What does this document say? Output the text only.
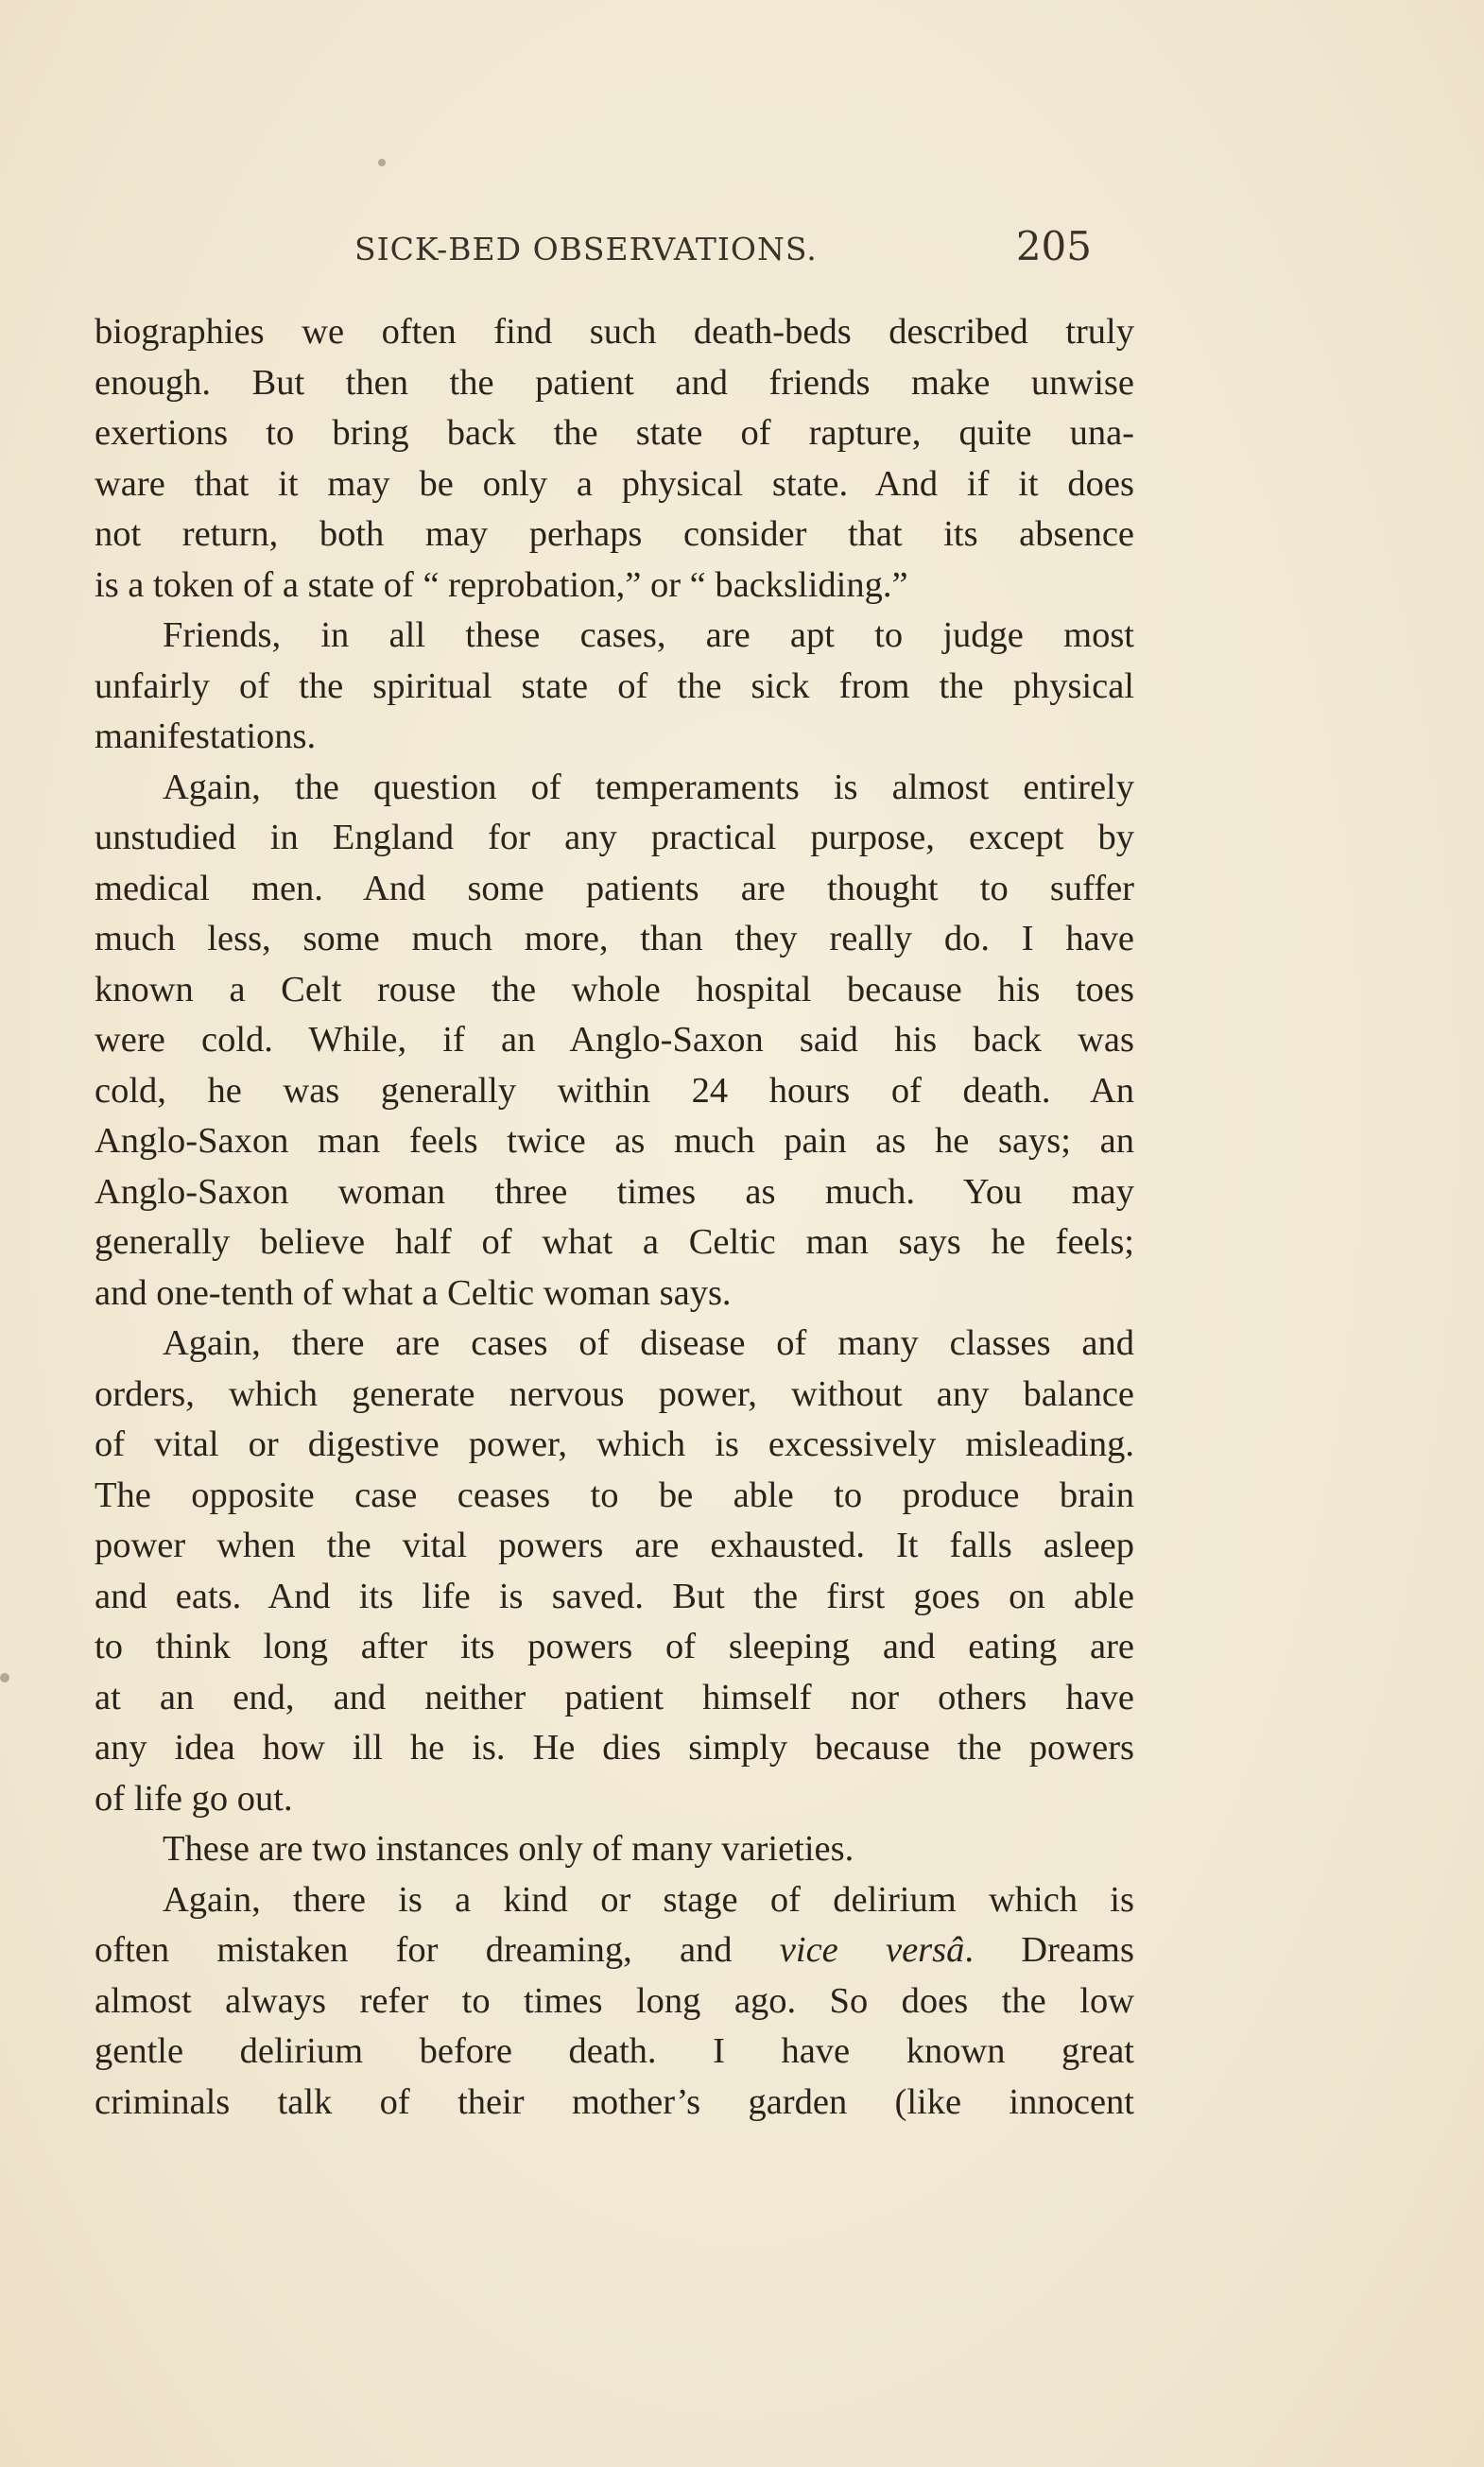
SICK-BED OBSERVATIONS.	205
biographies we often find such death-beds described truly
enough. But then the patient and friends make unwise
exertions to bring back the state of rapture, quite una-
ware that it may be only a physical state. And if it does
not return, both may perhaps consider that its absence
is a token of a state of “ reprobation,” or “ backsliding.”
Friends, in all these cases, are apt to judge most
unfairly of the spiritual state of the sick from the physical
manifestations.
Again, the question of temperaments is almost entirely
unstudied in England for any practical purpose, except by
medical men. And some patients are thought to suffer
much less, some much more, than they really do. I have
known a Celt rouse the whole hospital because his toes
were cold. While, if an Anglo-Saxon said his back was
cold, he was generally within 24 hours of death. An
Anglo-Saxon man feels twice as much pain as he says; an
Anglo-Saxon woman three times as much. You may
generally believe half of what a Celtic man says he feels;
and one-tenth of what a Celtic woman says.
Again, there are cases of disease of many classes and
orders, which generate nervous power, without any balance
of vital or digestive power, which is excessively misleading.
The opposite case ceases to be able to produce brain
power when the vital powers are exhausted. It falls asleep
and eats. And its life is saved. But the first goes on able
to think long after its powers of sleeping and eating are
at an end, and neither patient himself nor others have
any idea how ill he is. He dies simply because the powers
of life go out.
These are two instances only of many varieties.
Again, there is a kind or stage of delirium which is
often mistaken for dreaming, and vice versâ. Dreams
almost always refer to times long ago. So does the low
gentle delirium before death. I have known great
criminals talk of their mother’s garden (like innocent
